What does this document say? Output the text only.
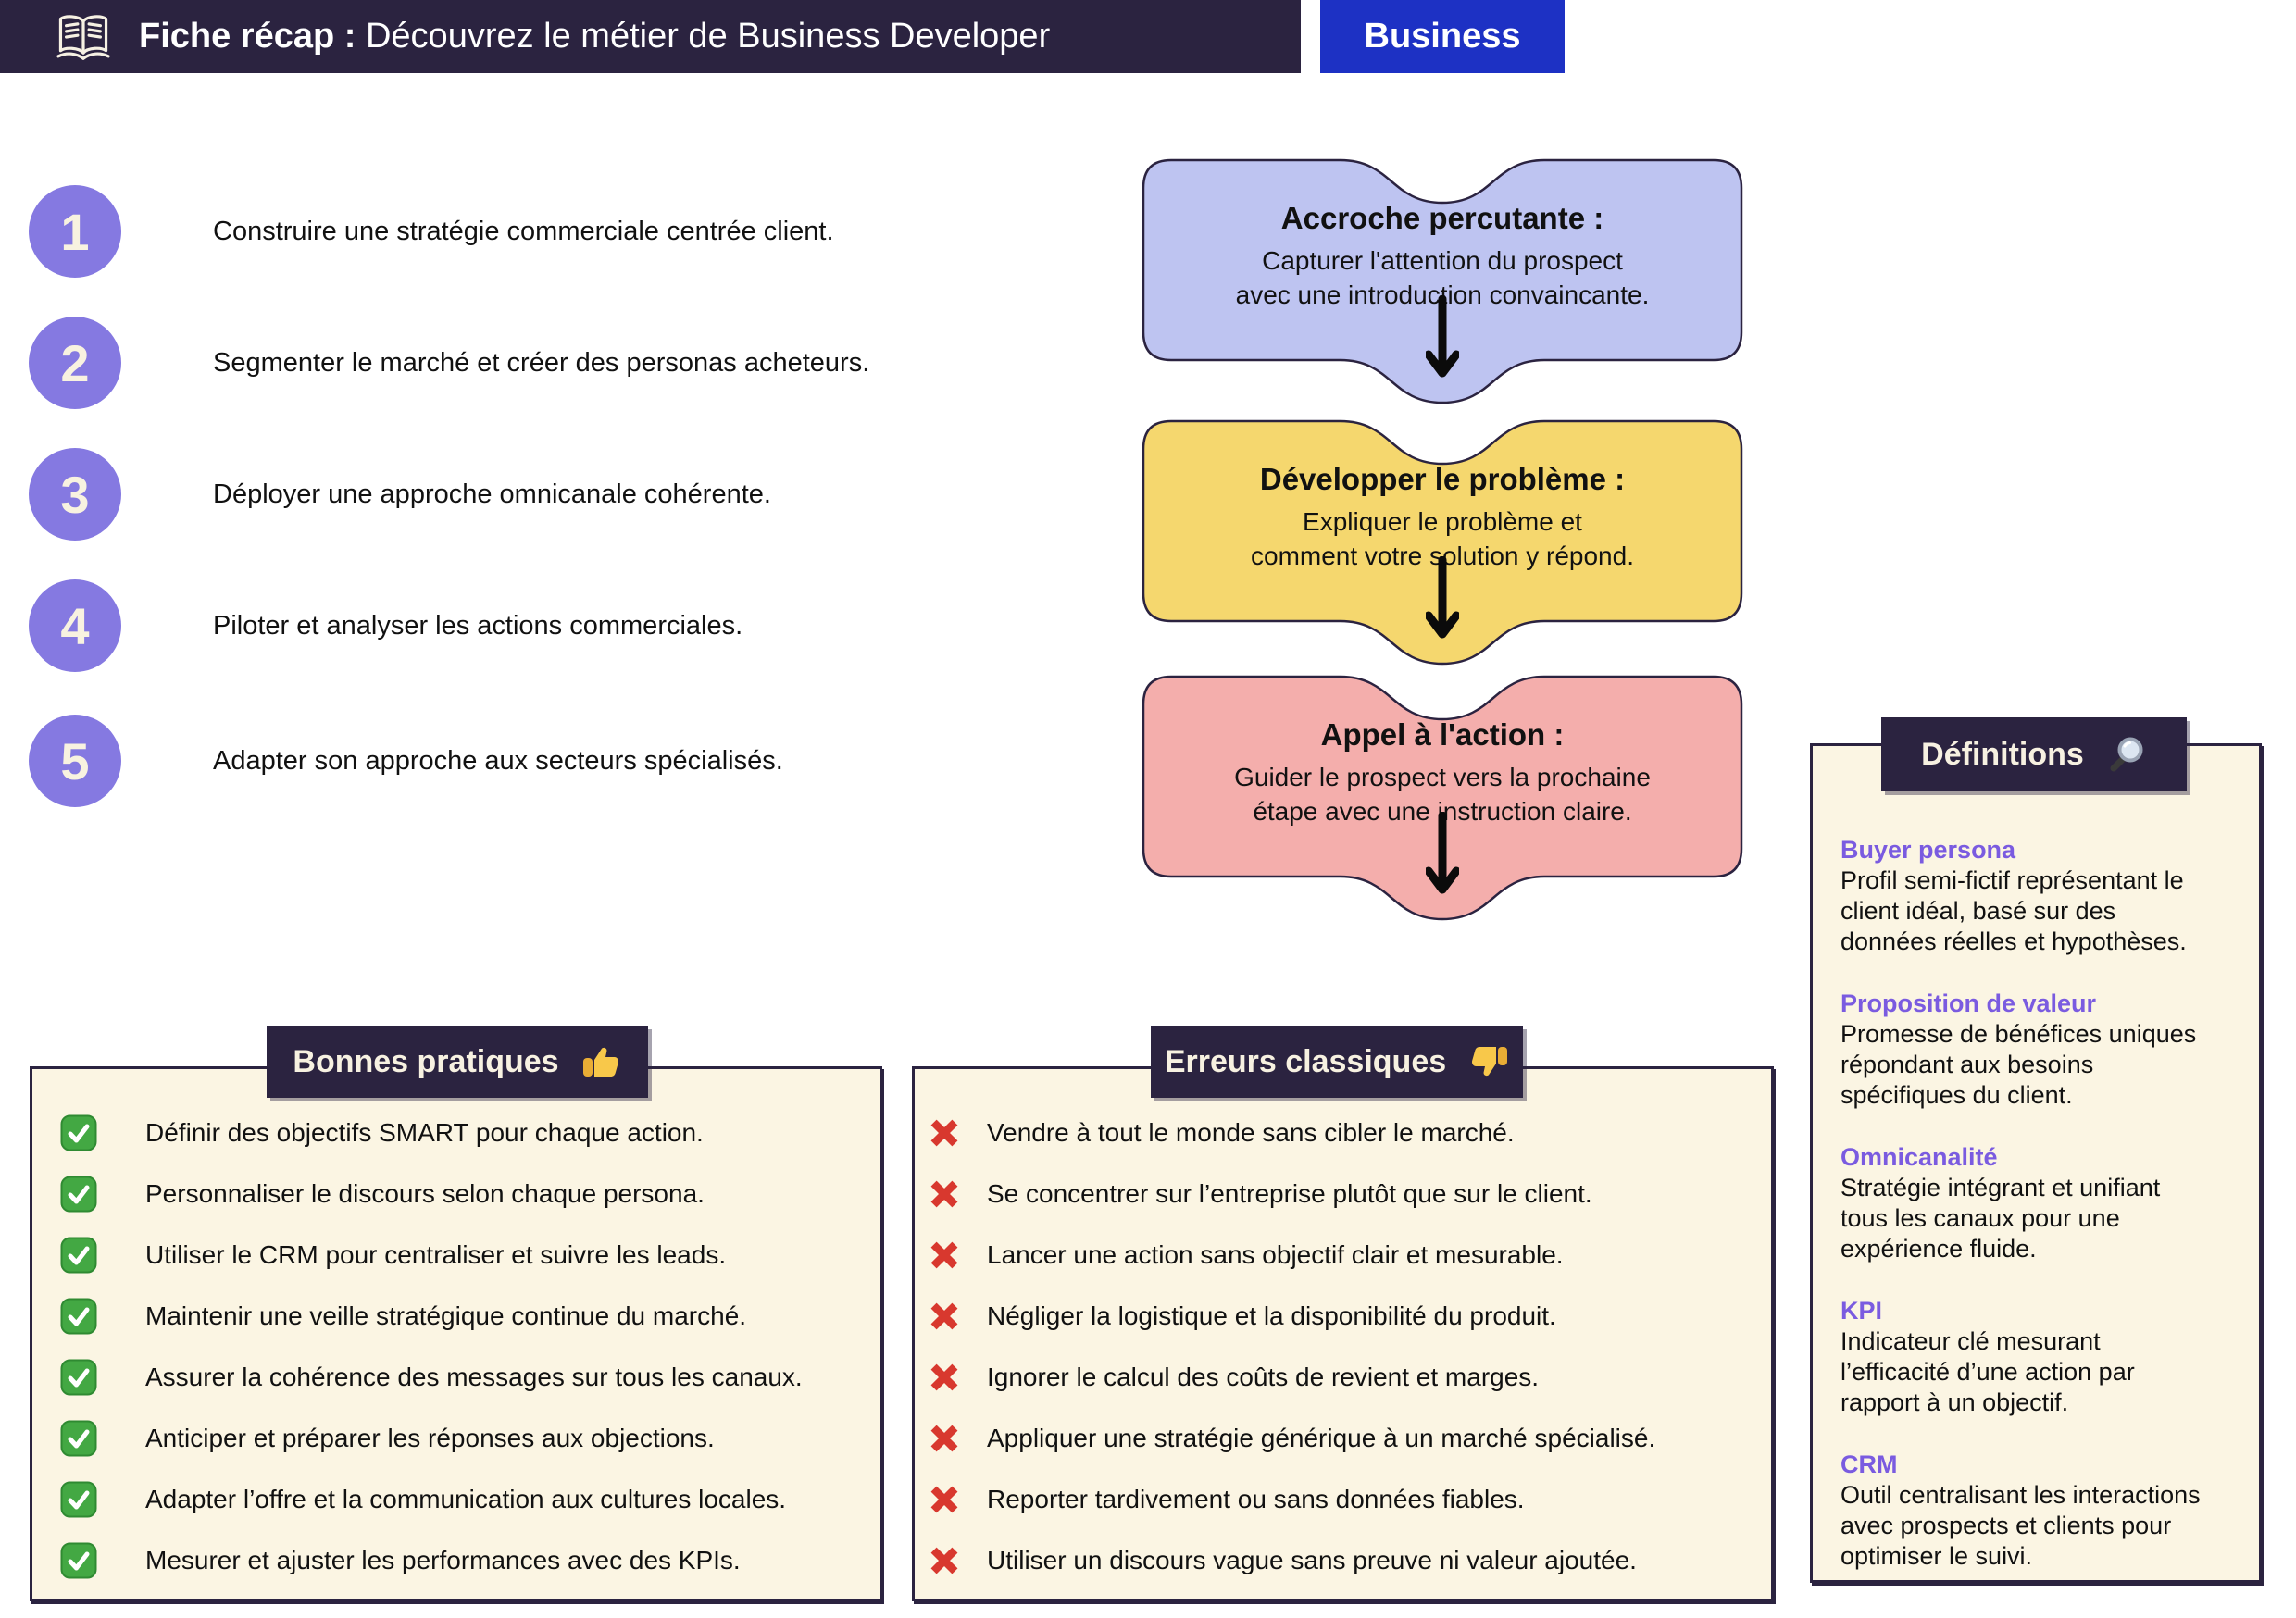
Fiche récap : Découvrez le métier de Business Developer	Business
1	Construire une stratégie commerciale centrée client.
2	Segmenter le marché et créer des personas acheteurs.
3	Déployer une approche omnicanale cohérente.
4	Piloter et analyser les actions commerciales.
5	Adapter son approche aux secteurs spécialisés.
Accroche percutante :
Capturer l'attention du prospect
avec une introduction convaincante.
Développer le problème :
Expliquer le problème et
comment votre solution y répond.
Appel à l'action :
Guider le prospect vers la prochaine
étape avec une instruction claire.
Définir des objectifs SMART pour chaque action.
Personnaliser le discours selon chaque persona.
Utiliser le CRM pour centraliser et suivre les leads.
Maintenir une veille stratégique continue du marché.
Assurer la cohérence des messages sur tous les canaux.
Anticiper et préparer les réponses aux objections.
Adapter l’offre et la communication aux cultures locales.
Mesurer et ajuster les performances avec des KPIs.
Bonnes pratiques
Vendre à tout le monde sans cibler le marché.
Se concentrer sur l’entreprise plutôt que sur le client.
Lancer une action sans objectif clair et mesurable.
Négliger la logistique et la disponibilité du produit.
Ignorer le calcul des coûts de revient et marges.
Appliquer une stratégie générique à un marché spécialisé.
Reporter tardivement ou sans données fiables.
Utiliser un discours vague sans preuve ni valeur ajoutée.
Erreurs classiques
Buyer persona
Profil semi-fictif représentant le
client idéal, basé sur des
données réelles et hypothèses.
Proposition de valeur
Promesse de bénéfices uniques
répondant aux besoins
spécifiques du client.
Omnicanalité
Stratégie intégrant et unifiant
tous les canaux pour une
expérience fluide.
KPI
Indicateur clé mesurant
l’efficacité d’une action par
rapport à un objectif.
CRM
Outil centralisant les interactions
avec prospects et clients pour
optimiser le suivi.
Définitions
